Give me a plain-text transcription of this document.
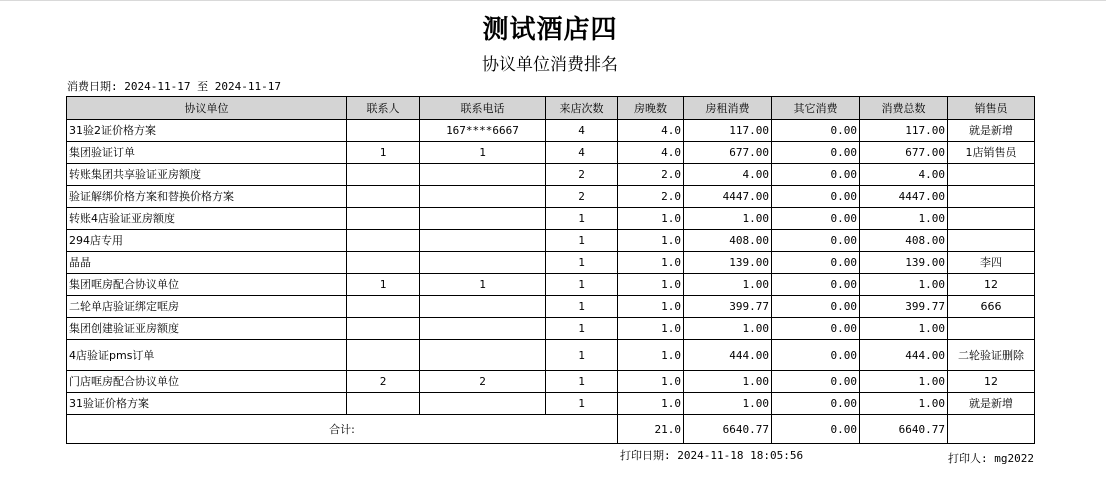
测试酒店四
协议单位消费排名
消费日期: 2024-11-17 至 2024-11-17
协议单位	联系人	联系电话	来店次数	房晚数	房租消费	其它消费	消费总数	销售员
31验2证价格方案		167****6667	4	4.0	117.00	0.00	117.00	就是新增
集团验证订单	1	1	4	4.0	677.00	0.00	677.00	1店销售员
转账集团共享验证亚房额度			2	2.0	4.00	0.00	4.00	
验证解绑价格方案和替换价格方案			2	2.0	4447.00	0.00	4447.00	
转账4店验证亚房额度			1	1.0	1.00	0.00	1.00	
294店专用			1	1.0	408.00	0.00	408.00	
晶晶			1	1.0	139.00	0.00	139.00	李四
集团哐房配合协议单位	1	1	1	1.0	1.00	0.00	1.00	12
二轮单店验证绑定哐房			1	1.0	399.77	0.00	399.77	666
集团创建验证亚房额度			1	1.0	1.00	0.00	1.00	
4店验证pms订单			1	1.0	444.00	0.00	444.00	二轮验证删除
门店哐房配合协议单位	2	2	1	1.0	1.00	0.00	1.00	12
31验证价格方案			1	1.0	1.00	0.00	1.00	就是新增
合计:				21.0	6640.77	0.00	6640.77	
打印日期: 2024-11-18 18:05:56	打印人: mg2022
